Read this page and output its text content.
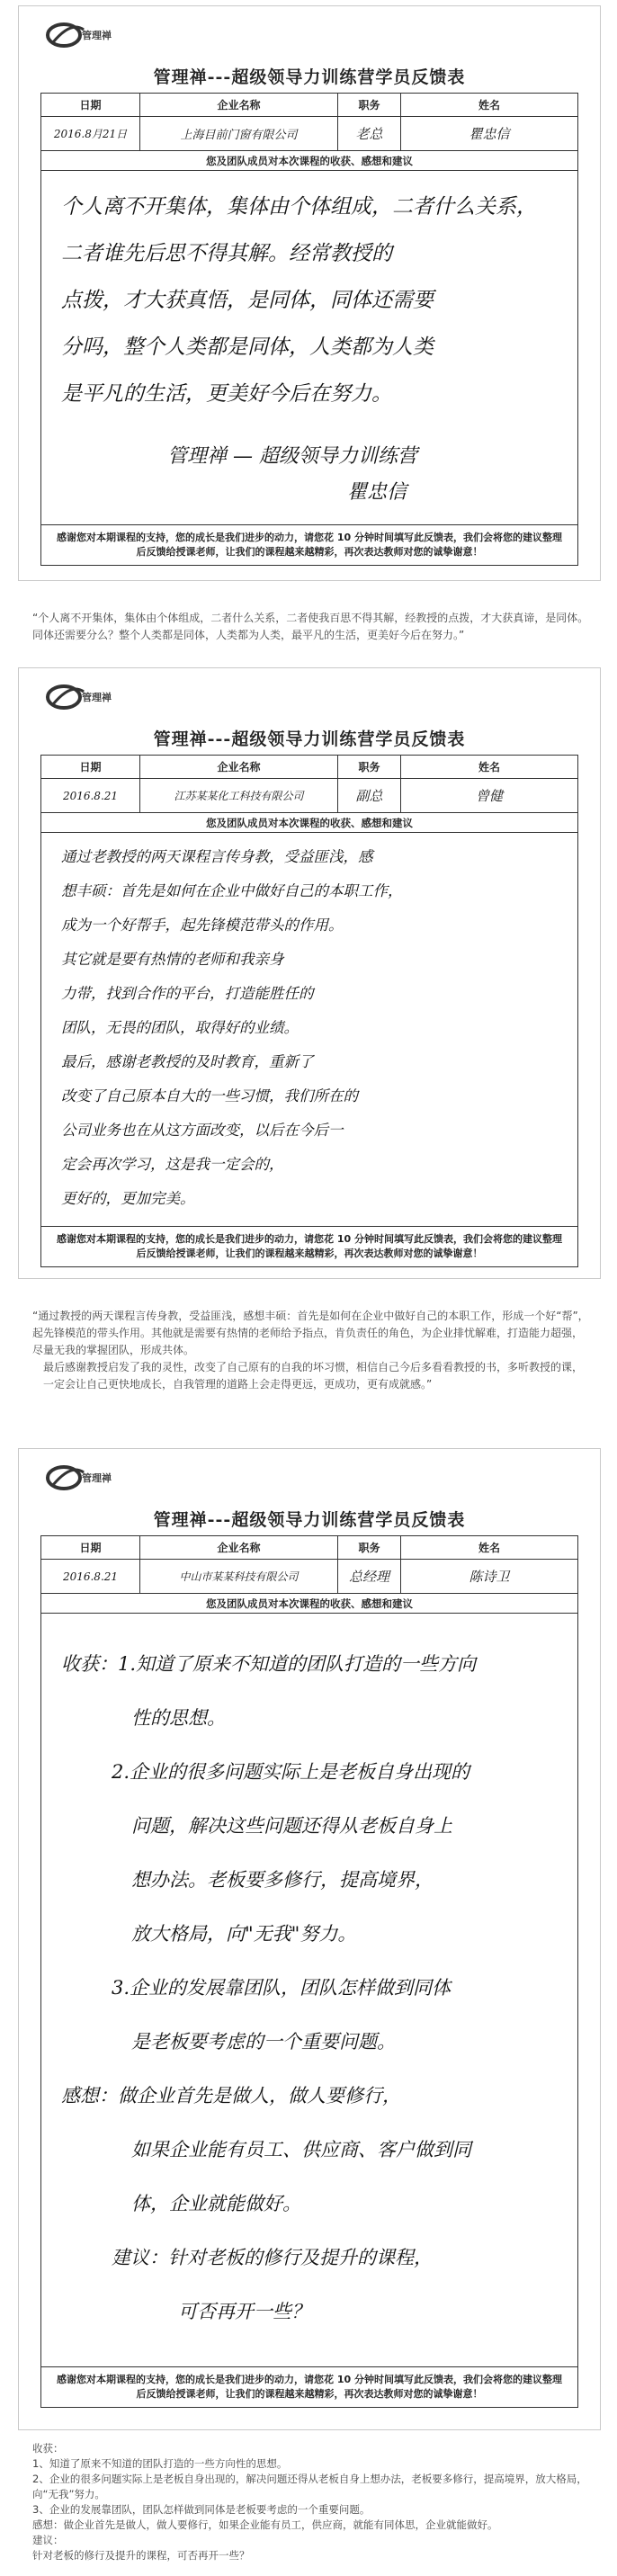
管理禅
管理禅---超级领导力训练营学员反馈表
日期	企业名称	职务	姓名
2016.8月21日	上海目前门窗有限公司	老总	瞿忠信
您及团队成员对本次课程的收获、感想和建议
个人离不开集体，集体由个体组成，二者什么关系，
二者谁先后思不得其解。经常教授的
点拨，才大获真悟，是同体，同体还需要
分吗，整个人类都是同体，人类都为人类
是平凡的生活，更美好今后在努力。
管理禅 — 超级领导力训练营
瞿忠信
感谢您对本期课程的支持，您的成长是我们进步的动力，请您花 10 分钟时间填写此反馈表，我们会将您的建议整理后反馈给授课老师，让我们的课程越来越精彩，再次表达教师对您的诚挚谢意！

“个人离不开集体，集体由个体组成，二者什么关系，二者使我百思不得其解，经教授的点拨，才大获真谛，是同体。同体还需要分么？整个人类都是同体，人类都为人类，最平凡的生活，更美好今后在努力。”

管理禅
管理禅---超级领导力训练营学员反馈表
日期	企业名称	职务	姓名
2016.8.21	江苏某某化工科技有限公司	副总	曾健
您及团队成员对本次课程的收获、感想和建议
通过老教授的两天课程言传身教，受益匪浅，感
想丰硕：首先是如何在企业中做好自己的本职工作，
成为一个好帮手，起先锋模范带头的作用。
其它就是要有热情的老师和我亲身
力带，找到合作的平台，打造能胜任的
团队，无畏的团队，取得好的业绩。
最后，感谢老教授的及时教育，重新了
改变了自己原本自大的一些习惯，我们所在的
公司业务也在从这方面改变，以后在今后一
定会再次学习，这是我一定会的，
更好的，更加完美。
感谢您对本期课程的支持，您的成长是我们进步的动力，请您花 10 分钟时间填写此反馈表，我们会将您的建议整理后反馈给授课老师，让我们的课程越来越精彩，再次表达教师对您的诚挚谢意！

“通过教授的两天课程言传身教，受益匪浅，感想丰硕：首先是如何在企业中做好自己的本职工作，形成一个好“帮”，起先锋模范的带头作用。其他就是需要有热情的老师给予指点，肯负责任的角色，为企业排忧解难，打造能力超强，尽量无我的掌握团队，形成共体。

最后感谢教授启发了我的灵性，改变了自己原有的自我的坏习惯，相信自己今后多看看教授的书，多听教授的课，一定会让自己更快地成长，自我管理的道路上会走得更远，更成功，更有成就感。”

管理禅
管理禅---超级领导力训练营学员反馈表
日期	企业名称	职务	姓名
2016.8.21	中山市某某科技有限公司	总经理	陈诗卫
您及团队成员对本次课程的收获、感想和建议
收获：1.知道了原来不知道的团队打造的一些方向
性的思想。
2.企业的很多问题实际上是老板自身出现的
问题，解决这些问题还得从老板自身上
想办法。老板要多修行，提高境界，
放大格局，向"无我"努力。
3.企业的发展靠团队，团队怎样做到同体
是老板要考虑的一个重要问题。
感想：做企业首先是做人，做人要修行，
如果企业能有员工、供应商、客户做到同
体，企业就能做好。
建议：针对老板的修行及提升的课程，
可否再开一些？
感谢您对本期课程的支持，您的成长是我们进步的动力，请您花 10 分钟时间填写此反馈表，我们会将您的建议整理后反馈给授课老师，让我们的课程越来越精彩，再次表达教师对您的诚挚谢意！

收获：

1、知道了原来不知道的团队打造的一些方向性的思想。

2、企业的很多问题实际上是老板自身出现的，解决问题还得从老板自身上想办法，老板要多修行，提高境界，放大格局，向“无我”努力。

3、企业的发展靠团队，团队怎样做到同体是老板要考虑的一个重要问题。

感想：做企业首先是做人，做人要修行，如果企业能有员工，供应商，就能有同体思，企业就能做好。

建议：

针对老板的修行及提升的课程，可否再开一些？
